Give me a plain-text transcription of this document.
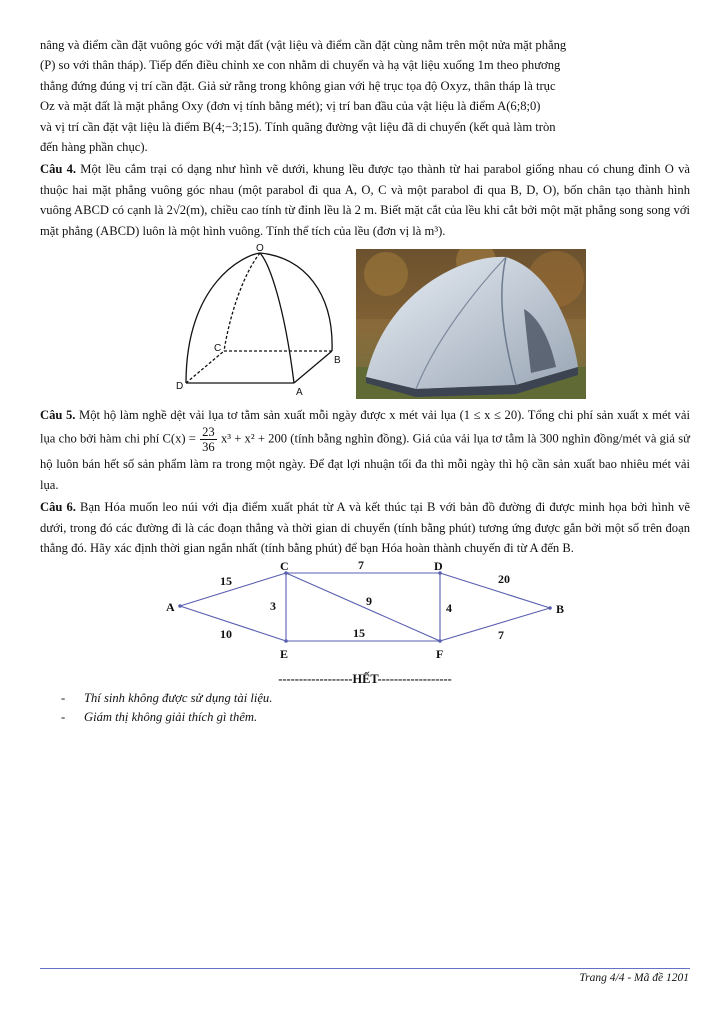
nâng và điểm cần đặt vuông góc với mặt đất (vật liệu và điểm cần đặt cùng nằm trên một nửa mặt phẳng

(P) so với thân tháp). Tiếp đến điều chỉnh xe con nhằm di chuyển và hạ vật liệu xuống 1m theo phương

thẳng đứng đúng vị trí cần đặt. Giả sử rằng trong không gian với hệ trục tọa độ Oxyz, thân tháp là trục

Oz và mặt đất là mặt phẳng Oxy (đơn vị tính bằng mét); vị trí ban đầu của vật liệu là điểm A(6;8;0)

và vị trí cần đặt vật liệu là điểm B(4;−3;15). Tính quãng đường vật liệu đã di chuyển (kết quả làm tròn

đến hàng phần chục).

Câu 4. Một lều cắm trại có dạng như hình vẽ dưới, khung lều được tạo thành từ hai parabol giống nhau có chung đỉnh O và thuộc hai mặt phẳng vuông góc nhau (một parabol đi qua A, O, C và một parabol đi qua B, D, O), bốn chân tạo thành hình vuông ABCD có cạnh là 2√2(m), chiều cao tính từ đỉnh lều là 2 m. Biết mặt cắt của lều khi cắt bởi một mặt phẳng song song với mặt phẳng (ABCD) luôn là một hình vuông. Tính thể tích của lều (đơn vị là m³).

O
A
B
C
D

Câu 5. Một hộ làm nghề dệt vải lụa tơ tằm sản xuất mỗi ngày được x mét vải lụa (1 ≤ x ≤ 20). Tổng chi phí sản xuất x mét vải lụa cho bởi hàm chi phí $C(x) = \frac{23}{36} x^3 + x^2 + 200$ (tính bằng nghìn đồng). Giá của vải lụa tơ tằm là 300 nghìn đồng/mét và giả sử hộ luôn bán hết số sản phẩm làm ra trong một ngày. Để đạt lợi nhuận tối đa thì mỗi ngày thì hộ cần sản xuất bao nhiêu mét vải lụa.

Câu 6. Bạn Hóa muốn leo núi với địa điểm xuất phát từ A và kết thúc tại B với bản đồ đường đi được minh họa bởi hình vẽ dưới, trong đó các đường đi là các đoạn thẳng và thời gian di chuyển (tính bằng phút) tương ứng được gắn bởi một số trên đoạn thẳng đó. Hãy xác định thời gian ngắn nhất (tính bằng phút) để bạn Hóa hoàn thành chuyến đi từ A đến B.

A	B
C	D
E	F
15
7
20
10
3	9	4
15	7

------------------HẾT------------------

- Thí sinh không được sử dụng tài liệu.
- Giám thị không giải thích gì thêm.
Trang 4/4 - Mã đề 1201
